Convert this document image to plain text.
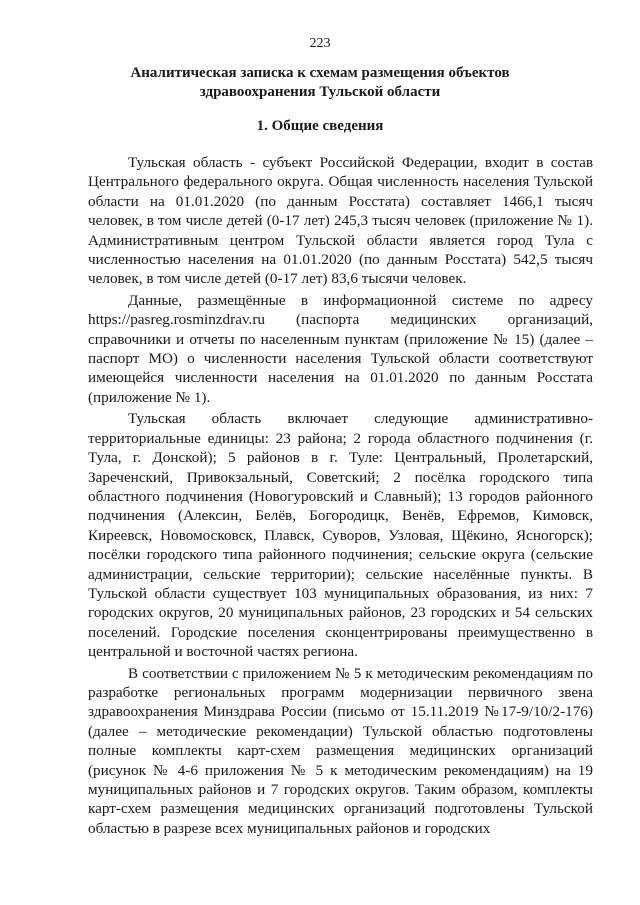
223
Аналитическая записка к схемам размещения объектов здравоохранения Тульской области
1. Общие сведения

Тульская область - субъект Российской Федерации, входит в состав Центрального федерального округа. Общая численность населения Тульской области на 01.01.2020 (по данным Росстата) составляет 1466,1 тысяч человек, в том числе детей (0-17 лет) 245,3 тысяч человек (приложение № 1). Административным центром Тульской области является город Тула с численностью населения на 01.01.2020 (по данным Росстата) 542,5 тысяч человек, в том числе детей (0-17 лет) 83,6 тысячи человек.

Данные, размещённые в информационной системе по адресу https://pasreg.rosminzdrav.ru (паспорта медицинских организаций, справочники и отчеты по населенным пунктам (приложение № 15) (далее – паспорт МО) о численности населения Тульской области соответствуют имеющейся численности населения на 01.01.2020 по данным Росстата (приложение № 1).

Тульская область включает следующие административно-территориальные единицы: 23 района; 2 города областного подчинения (г. Тула, г. Донской); 5 районов в г. Туле: Центральный, Пролетарский, Зареченский, Привокзальный, Советский; 2 посёлка городского типа областного подчинения (Новогуровский и Славный); 13 городов районного подчинения (Алексин, Белёв, Богородицк, Венёв, Ефремов, Кимовск, Киреевск, Новомосковск, Плавск, Суворов, Узловая, Щёкино, Ясногорск); посёлки городского типа районного подчинения; сельские округа (сельские администрации, сельские территории); сельские населённые пункты. В Тульской области существует 103 муниципальных образования, из них: 7 городских округов, 20 муниципальных районов, 23 городских и 54 сельских поселений. Городские поселения сконцентрированы преимущественно в центральной и восточной частях региона.

В соответствии с приложением № 5 к методическим рекомендациям по разработке региональных программ модернизации первичного звена здравоохранения Минздрава России (письмо от 15.11.2019 №17-9/10/2-176) (далее – методические рекомендации) Тульской областью подготовлены полные комплекты карт-схем размещения медицинских организаций (рисунок № 4-6 приложения № 5 к методическим рекомендациям) на 19 муниципальных районов и 7 городских округов. Таким образом, комплекты карт-схем размещения медицинских организаций подготовлены Тульской областью в разрезе всех муниципальных районов и городских
